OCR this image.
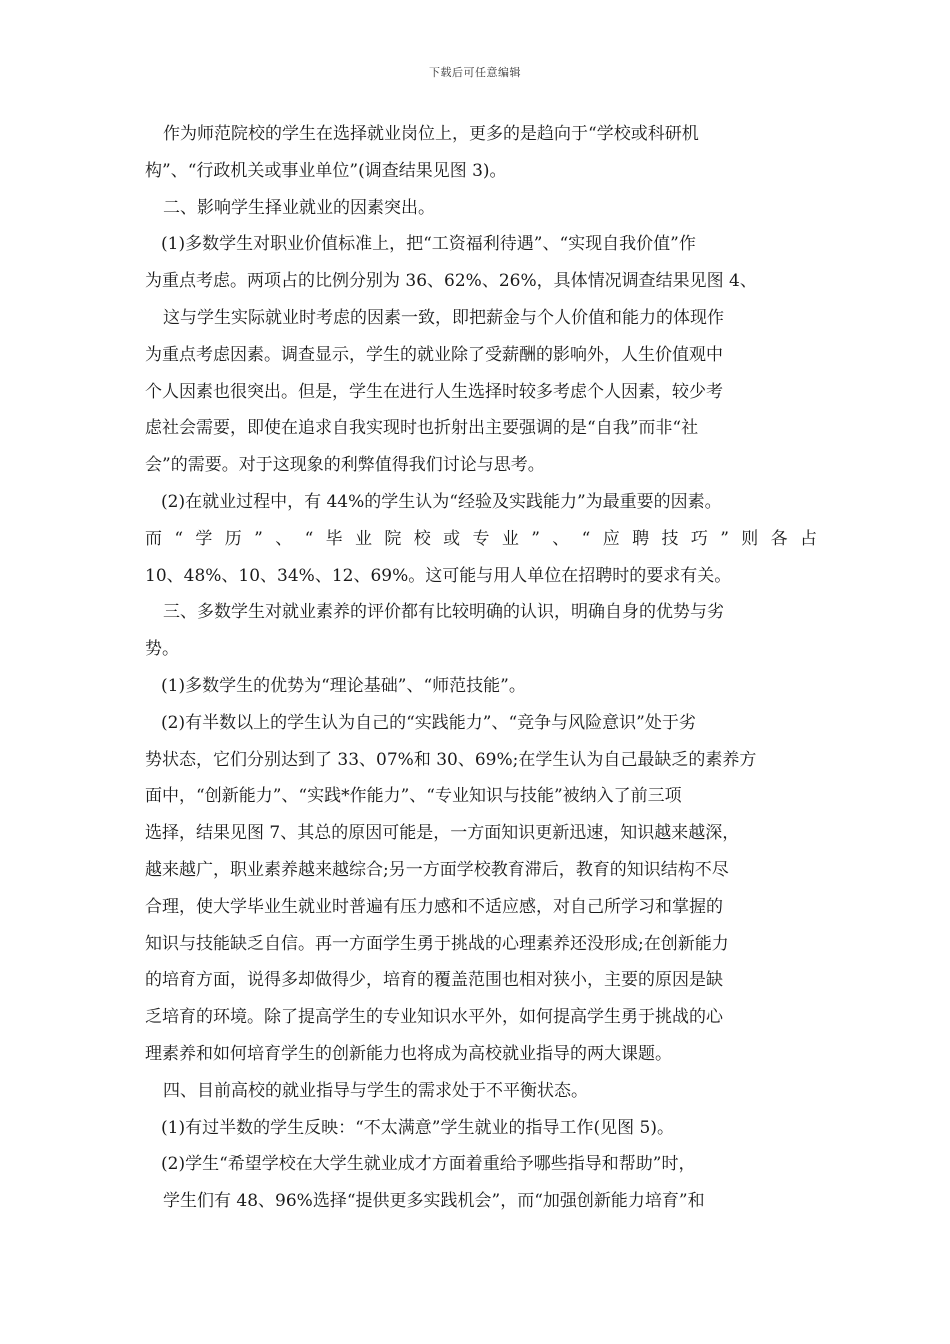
下载后可任意编辑
作为师范院校的学生在选择就业岗位上，更多的是趋向于“学校或科研机
构”、“行政机关或事业单位”(调查结果见图 3)。
二、影响学生择业就业的因素突出。
(1)多数学生对职业价值标准上，把“工资福利待遇”、“实现自我价值”作
为重点考虑。两项占的比例分别为 36、62%、26%，具体情况调查结果见图 4、
这与学生实际就业时考虑的因素一致，即把薪金与个人价值和能力的体现作
为重点考虑因素。调查显示，学生的就业除了受薪酬的影响外，人生价值观中
个人因素也很突出。但是，学生在进行人生选择时较多考虑个人因素，较少考
虑社会需要，即使在追求自我实现时也折射出主要强调的是“自我”而非“社
会”的需要。对于这现象的利弊值得我们讨论与思考。
(2)在就业过程中，有 44%的学生认为“经验及实践能力”为最重要的因素。
而“学历”、“毕业院校或专业”、“应聘技巧”则各占
10、48%、10、34%、12、69%。这可能与用人单位在招聘时的要求有关。
三、多数学生对就业素养的评价都有比较明确的认识，明确自身的优势与劣
势。
(1)多数学生的优势为“理论基础”、“师范技能”。
(2)有半数以上的学生认为自己的“实践能力”、“竞争与风险意识”处于劣
势状态，它们分别达到了 33、07%和 30、69%;在学生认为自己最缺乏的素养方
面中，“创新能力”、“实践*作能力”、“专业知识与技能”被纳入了前三项
选择，结果见图 7、其总的原因可能是，一方面知识更新迅速，知识越来越深，
越来越广，职业素养越来越综合;另一方面学校教育滞后，教育的知识结构不尽
合理，使大学毕业生就业时普遍有压力感和不适应感，对自己所学习和掌握的
知识与技能缺乏自信。再一方面学生勇于挑战的心理素养还没形成;在创新能力
的培育方面，说得多却做得少，培育的覆盖范围也相对狭小，主要的原因是缺
乏培育的环境。除了提高学生的专业知识水平外，如何提高学生勇于挑战的心
理素养和如何培育学生的创新能力也将成为高校就业指导的两大课题。
四、目前高校的就业指导与学生的需求处于不平衡状态。
(1)有过半数的学生反映：“不太满意”学生就业的指导工作(见图 5)。
(2)学生“希望学校在大学生就业成才方面着重给予哪些指导和帮助”时，
学生们有 48、96%选择“提供更多实践机会”，而“加强创新能力培育”和
